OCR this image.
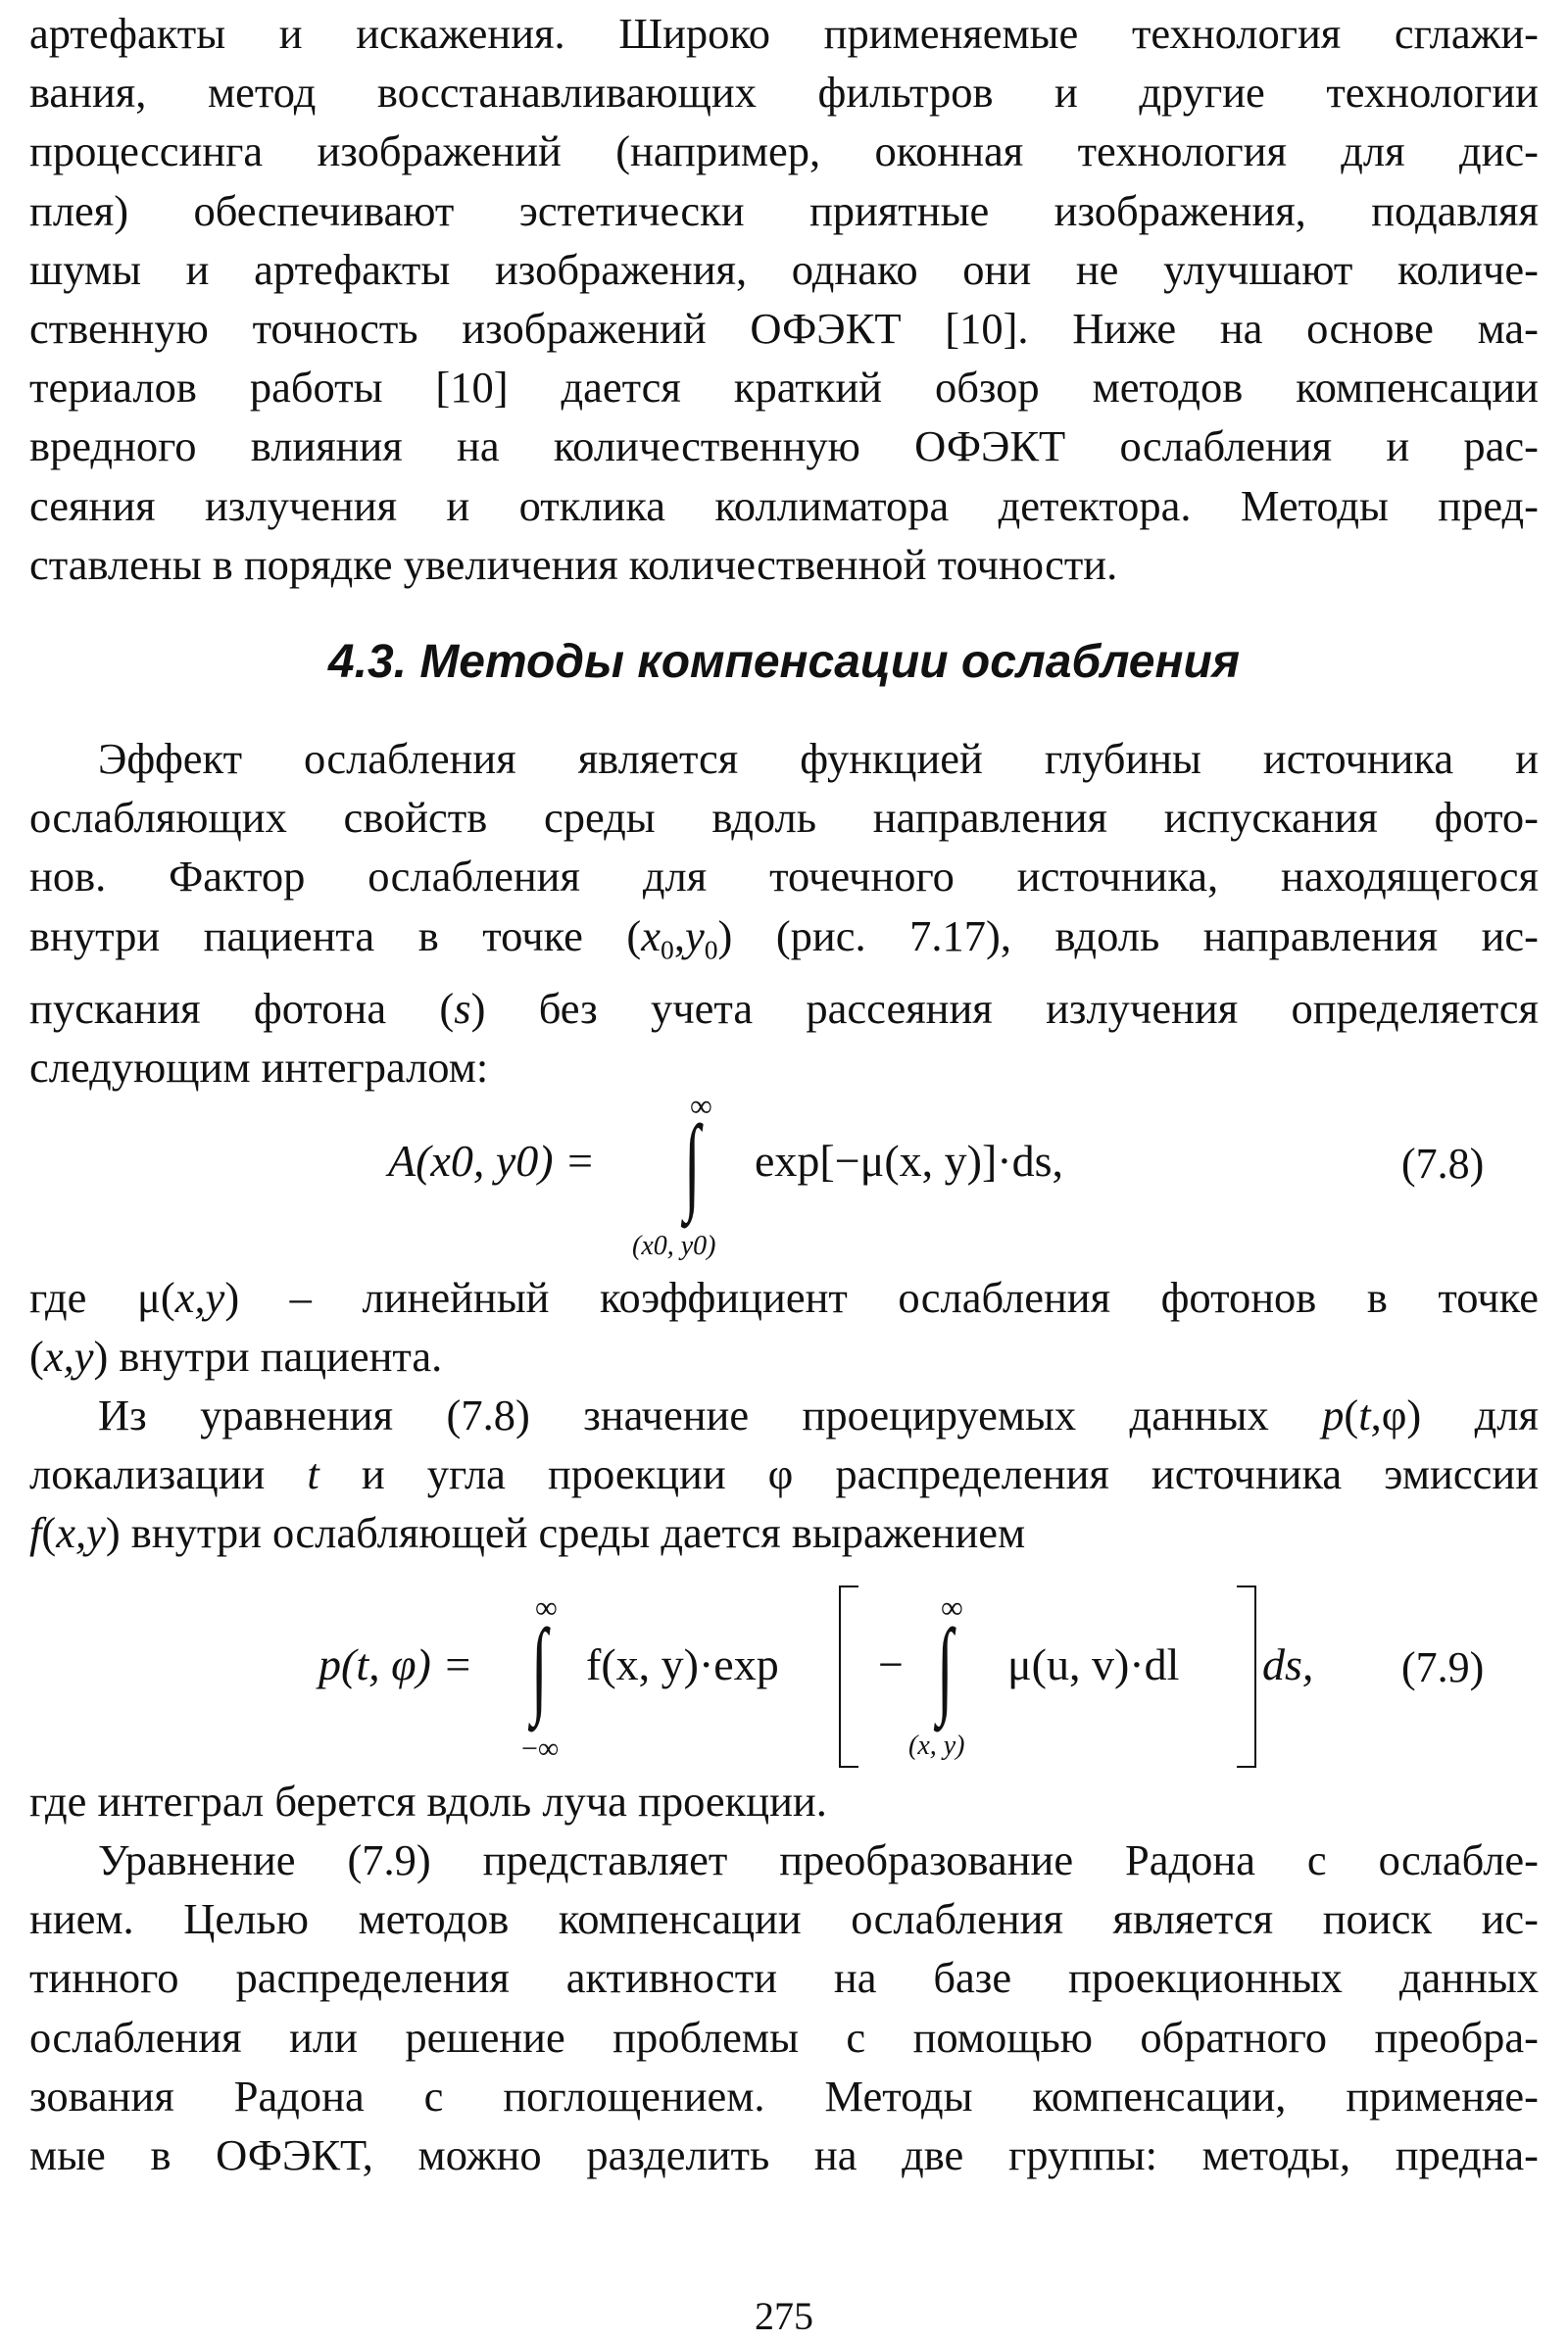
артефакты и искажения. Широко применяемые технология сглажи-
вания, метод восстанавливающих фильтров и другие технологии
процессинга изображений (например, оконная технология для дис-
плея) обеспечивают эстетически приятные изображения, подавляя
шумы и артефакты изображения, однако они не улучшают количе-
ственную точность изображений ОФЭКТ [10]. Ниже на основе ма-
териалов работы [10] дается краткий обзор методов компенсации
вредного влияния на количественную ОФЭКТ ослабления и рас-
сеяния излучения и отклика коллиматора детектора. Методы пред-
ставлены в порядке увеличения количественной точности.
4.3. Методы компенсации ослабления
Эффект ослабления является функцией глубины источника и
ослабляющих свойств среды вдоль направления испускания фото-
нов. Фактор ослабления для точечного источника, находящегося
внутри пациента в точке $(x_0,y_0)$ (рис. 7.17), вдоль направления ис-
пускания фотона (s) без учета рассеяния излучения определяется
следующим интегралом:
A(x0, y0) =
∞
∫
(x0, y0)
exp[−μ(x, y)]·ds,	(7.8)
где μ(x,y) – линейный коэффициент ослабления фотонов в точке
(x,y) внутри пациента.
Из уравнения (7.8) значение проецируемых данных p(t,φ) для
локализации t и угла проекции φ распределения источника эмиссии
f(x,y) внутри ослабляющей среды дается выражением
p(t, φ) =
∞
∫
−∞
f(x, y)·exp −
∞
∫
(x, y)
μ(u, v)·dl ds, (7.9)
где интеграл берется вдоль луча проекции.
Уравнение (7.9) представляет преобразование Радона с ослабле-
нием. Целью методов компенсации ослабления является поиск ис-
тинного распределения активности на базе проекционных данных
ослабления или решение проблемы с помощью обратного преобра-
зования Радона с поглощением. Методы компенсации, применяе-
мые в ОФЭКТ, можно разделить на две группы: методы, предна-
275
